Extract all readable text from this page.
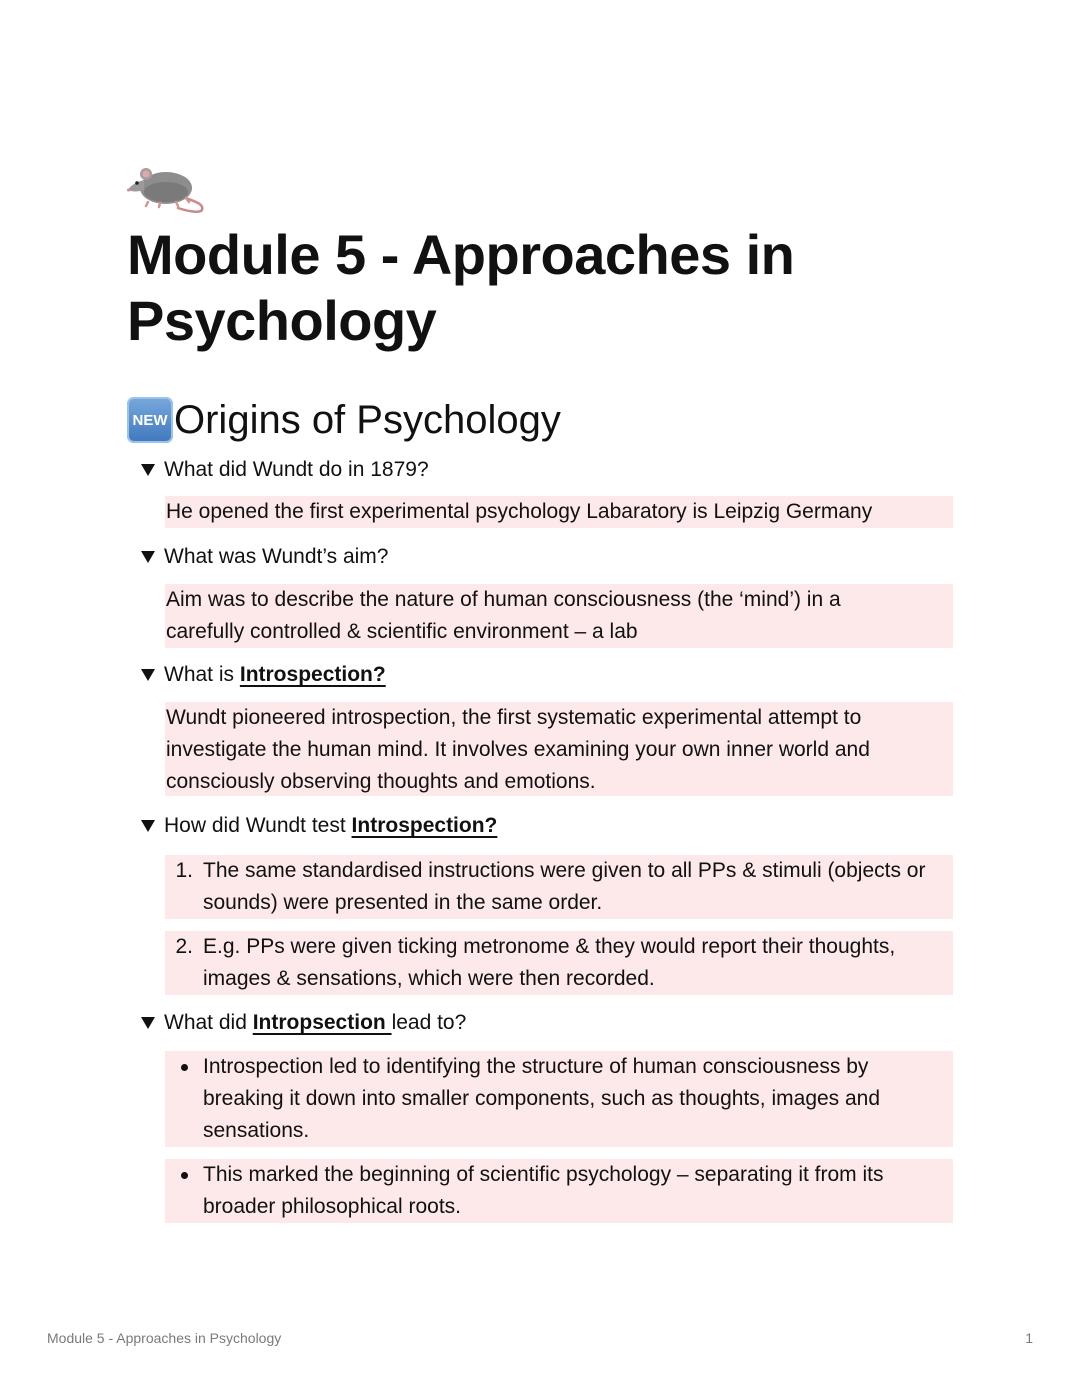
Module 5 - Approaches in Psychology
NEW Origins of Psychology
What did Wundt do in 1879?
He opened the first experimental psychology Labaratory is Leipzig Germany
What was Wundt’s aim?
Aim was to describe the nature of human consciousness (the ‘mind’) in a carefully controlled & scientific environment – a lab
What is Introspection?
Wundt pioneered introspection, the first systematic experimental attempt to investigate the human mind. It involves examining your own inner world and consciously observing thoughts and emotions.
How did Wundt test Introspection?
1. The same standardised instructions were given to all PPs & stimuli (objects or sounds) were presented in the same order.
2. E.g. PPs were given ticking metronome & they would report their thoughts, images & sensations, which were then recorded.
What did Intropsection lead to?
Introspection led to identifying the structure of human consciousness by breaking it down into smaller components, such as thoughts, images and sensations.
This marked the beginning of scientific psychology – separating it from its broader philosophical roots.
Module 5 - Approaches in Psychology	1
